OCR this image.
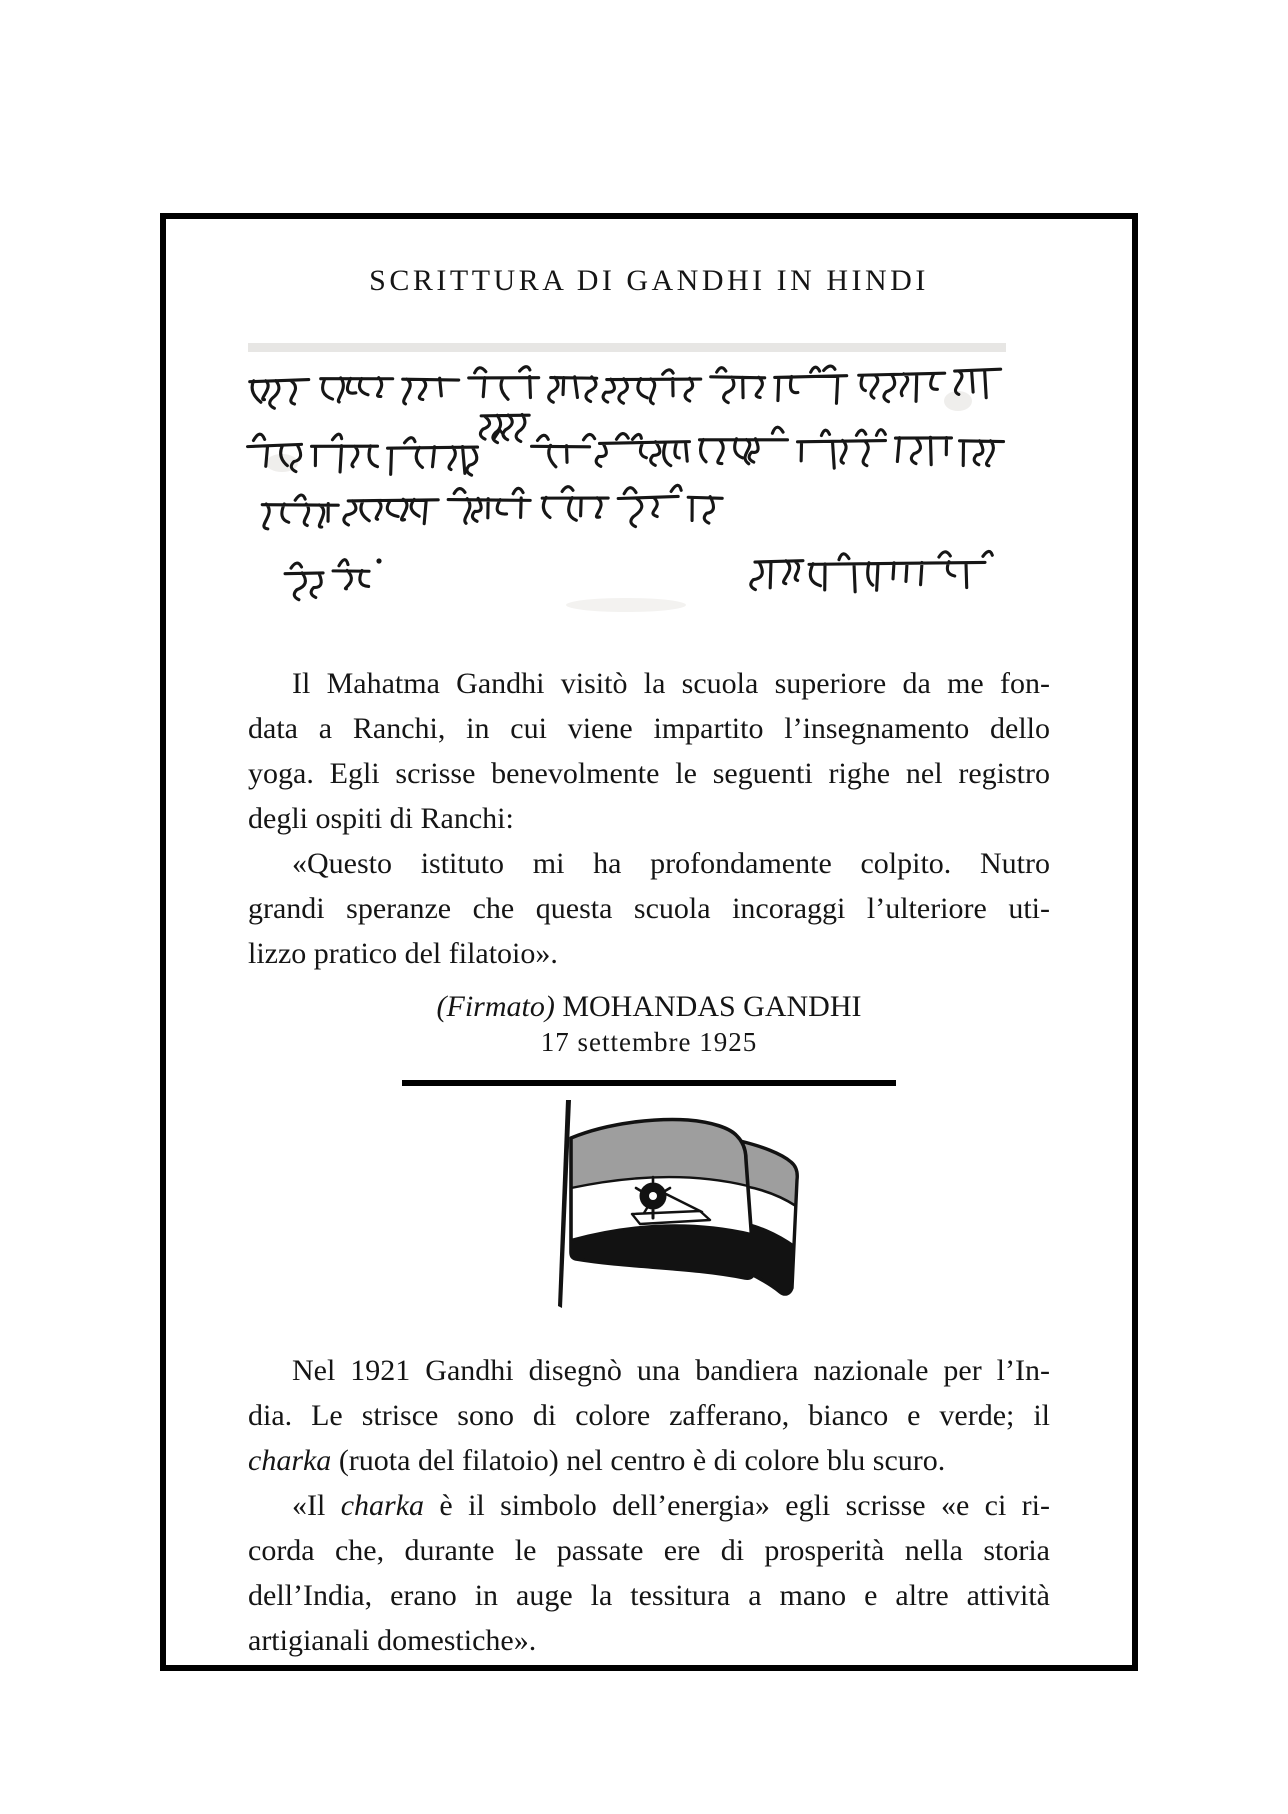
SCRITTURA DI GANDHI IN HINDI
Il Mahatma Gandhi visitò la scuola superiore da me fon-
data a Ranchi, in cui viene impartito l’insegnamento dello
yoga. Egli scrisse benevolmente le seguenti righe nel registro
degli ospiti di Ranchi:
«Questo istituto mi ha profondamente colpito. Nutro
grandi speranze che questa scuola incoraggi l’ulteriore uti-
lizzo pratico del filatoio».
(Firmato) MOHANDAS GANDHI
17 settembre 1925
Nel 1921 Gandhi disegnò una bandiera nazionale per l’In-
dia. Le strisce sono di colore zafferano, bianco e verde; il
charka (ruota del filatoio) nel centro è di colore blu scuro.
«Il charka è il simbolo dell’energia» egli scrisse «e ci ri-
corda che, durante le passate ere di prosperità nella storia
dell’India, erano in auge la tessitura a mano e altre attività
artigianali domestiche».
